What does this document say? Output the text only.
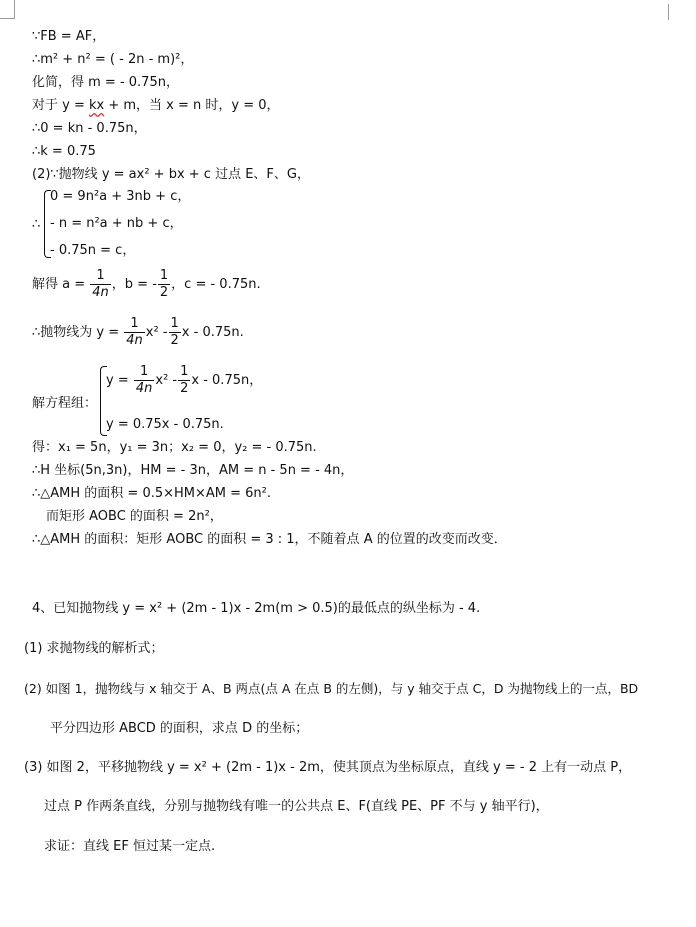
∵FB = AF，
∴m² + n² = ( - 2n - m)²，
化简，得 m = - 0.75n，
对于 y = kx + m，当 x = n 时，y = 0，
∴0 = kn - 0.75n，
∴k = 0.75
(2)∵抛物线 y = ax² + bx + c 过点 E、F、G，
∴
0 = 9n²a + 3nb + c，
- n = n²a + nb + c，
- 0.75n = c，
解得 $a = \frac{1}{4n}$ ，b = - $\frac{1}{2}$ ，c = - 0.75n.
∴抛物线为 $y = \frac{1}{4n} x^2 - \frac{1}{2}$ x - 0.75n.
解方程组：
$y = \frac{1}{4n} x^2 - \frac{1}{2}$ x - 0.75n，
y = 0.75x - 0.75n.
得：x₁ = 5n，y₁ = 3n；x₂ = 0，y₂ = - 0.75n.
∴H 坐标(5n,3n)，HM = - 3n，AM = n - 5n = - 4n，
∴△AMH 的面积 = 0.5×HM×AM = 6n².
而矩形 AOBC 的面积 = 2n²，
∴△AMH 的面积：矩形 AOBC 的面积 = 3 : 1，不随着点 A 的位置的改变而改变．
4、已知抛物线 y = x² + (2m - 1)x - 2m(m > 0.5)的最低点的纵坐标为 - 4.
(1) 求抛物线的解析式；
(2) 如图 1，抛物线与 x 轴交于 A、B 两点(点 A 在点 B 的左侧)，与 y 轴交于点 C，D 为抛物线上的一点，BD
平分四边形 ABCD 的面积，求点 D 的坐标；
(3) 如图 2，平移抛物线 y = x² + (2m - 1)x - 2m，使其顶点为坐标原点，直线 y = - 2 上有一动点 P，
过点 P 作两条直线，分别与抛物线有唯一的公共点 E、F(直线 PE、PF 不与 y 轴平行)，
求证：直线 EF 恒过某一定点.
